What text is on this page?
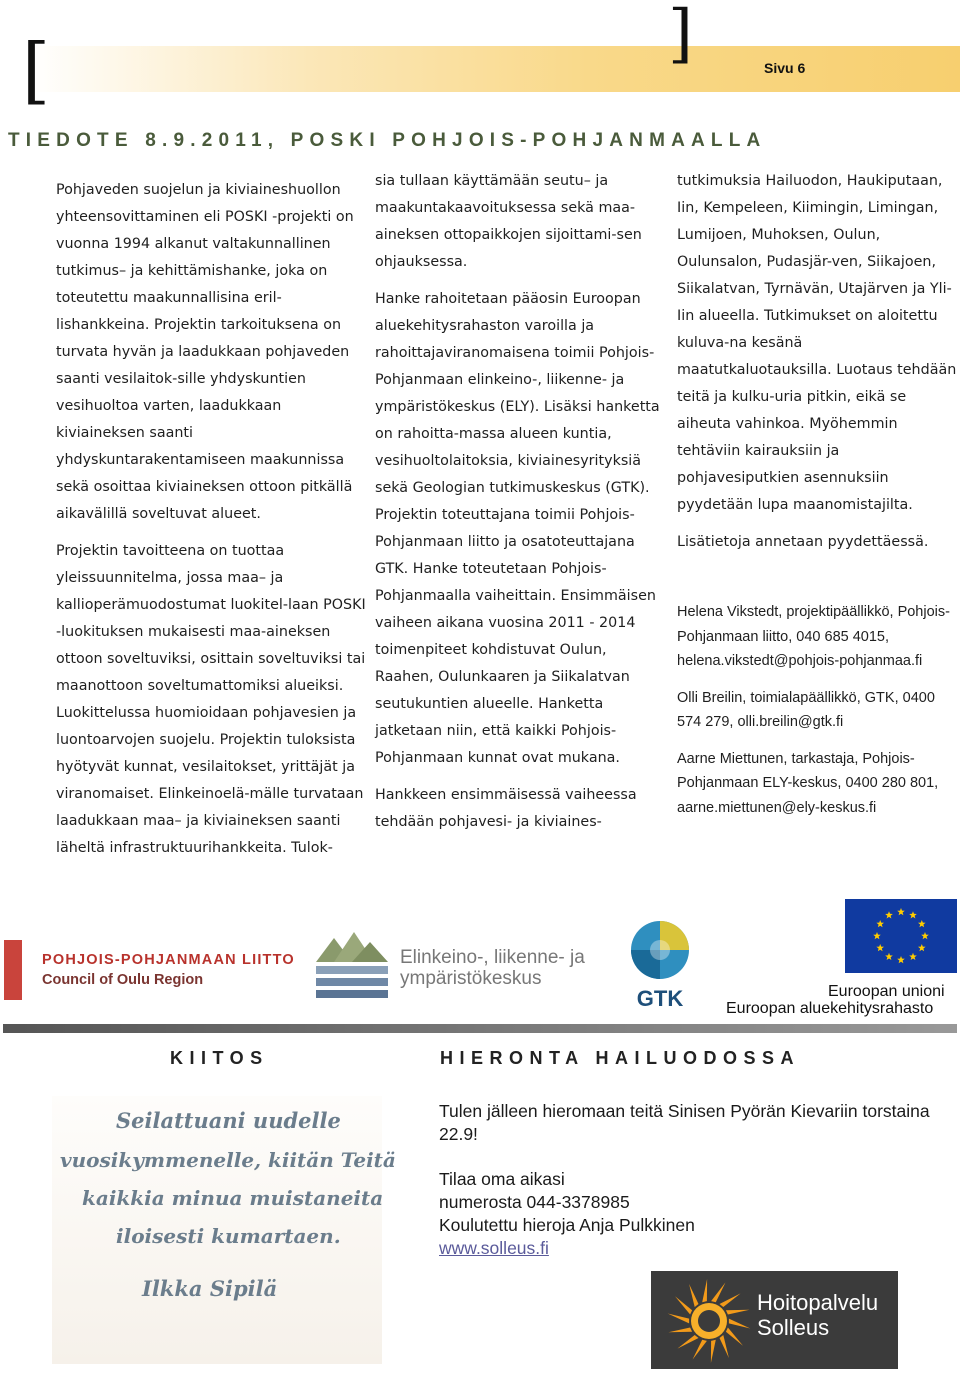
[	]	Sivu 6
TIEDOTE 8.9.2011, POSKI POHJOIS-POHJANMAALLA

Pohjaveden suojelun ja kiviaineshuollon yhteensovittaminen eli POSKI -projekti on vuonna 1994 alkanut valtakunnallinen tutkimus– ja kehittämishanke, joka on toteutettu maakunnallisina eril-lishankkeina. Projektin tarkoituksena on turvata hyvän ja laadukkaan pohjaveden saanti vesilaitok-sille yhdyskuntien vesihuoltoa varten, laadukkaan kiviaineksen saanti yhdyskuntarakentamiseen maakunnissa sekä osoittaa kiviaineksen ottoon pitkällä aikavälillä soveltuvat alueet.

Projektin tavoitteena on tuottaa yleissuunnitelma, jossa maa– ja kallioperämuodostumat luokitel-laan POSKI -luokituksen mukaisesti maa-aineksen ottoon soveltuviksi, osittain soveltuviksi tai maanottoon soveltumattomiksi alueiksi. Luokittelussa huomioidaan pohjavesien ja luontoarvojen suojelu. Projektin tuloksista hyötyvät kunnat, vesilaitokset, yrittäjät ja viranomaiset. Elinkeinoelä-mälle turvataan laadukkaan maa– ja kiviaineksen saanti läheltä infrastruktuurihankkeita. Tulok-

sia tullaan käyttämään seutu– ja maakuntakaavoituksessa sekä maa-aineksen ottopaikkojen sijoittami-sen ohjauksessa.

Hanke rahoitetaan pääosin Euroopan aluekehitysrahaston varoilla ja rahoittajaviranomaisena toimii Pohjois-Pohjanmaan elinkeino-, liikenne- ja ympäristökeskus (ELY). Lisäksi hanketta on rahoitta-massa alueen kuntia, vesihuoltolaitoksia, kiviainesyrityksiä sekä Geologian tutkimuskeskus (GTK). Projektin toteuttajana toimii Pohjois-Pohjanmaan liitto ja osatoteuttajana GTK. Hanke toteutetaan Pohjois-Pohjanmaalla vaiheittain. Ensimmäisen vaiheen aikana vuosina 2011 - 2014 toimenpiteet kohdistuvat Oulun, Raahen, Oulunkaaren ja Siikalatvan seutukuntien alueelle. Hanketta jatketaan niin, että kaikki Pohjois-Pohjanmaan kunnat ovat mukana.

Hankkeen ensimmäisessä vaiheessa tehdään pohjavesi- ja kiviaines-

tutkimuksia Hailuodon, Haukiputaan, Iin, Kempeleen, Kiimingin, Limingan, Lumijoen, Muhoksen, Oulun, Oulunsalon, Pudasjär-ven, Siikajoen, Siikalatvan, Tyrnävän, Utajärven ja Yli-Iin alueella. Tutkimukset on aloitettu kuluva-na kesänä maatutkaluotauksilla. Luotaus tehdään teitä ja kulku-uria pitkin, eikä se aiheuta vahinkoa. Myöhemmin tehtäviin kairauksiin ja pohjavesiputkien asennuksiin pyydetään lupa maanomistajilta.

Lisätietoja annetaan pyydettäessä.

Helena Vikstedt, projektipäällikkö, Pohjois-Pohjanmaan liitto, 040 685 4015, helena.vikstedt@pohjois-pohjanmaa.fi
Olli Breilin, toimialapäällikkö, GTK, 0400 574 279, olli.breilin@gtk.fi
Aarne Miettunen, tarkastaja, Pohjois-Pohjanmaan ELY-keskus, 0400 280 801, aarne.miettunen@ely-keskus.fi
POHJOIS-POHJANMAAN LIITTO
Council of Oulu Region
Elinkeino-, liikenne- ja
ympäristökeskus
GTK	Euroopan unioni
Euroopan aluekehitysrahasto
KIITOS
Seilattuani uudelle
vuosikymmenelle, kiitän Teitä
kaikkia minua muistaneita
iloisesti kumartaen.
Ilkka Sipilä
HIERONTA HAILUODOSSA
Tulen jälleen hieromaan teitä Sinisen Pyörän Kievariin torstaina 22.9!
Tilaa oma aikasi
numerosta 044-3378985
Koulutettu hieroja Anja Pulkkinen
www.solleus.fi
Hoitopalvelu
Solleus
